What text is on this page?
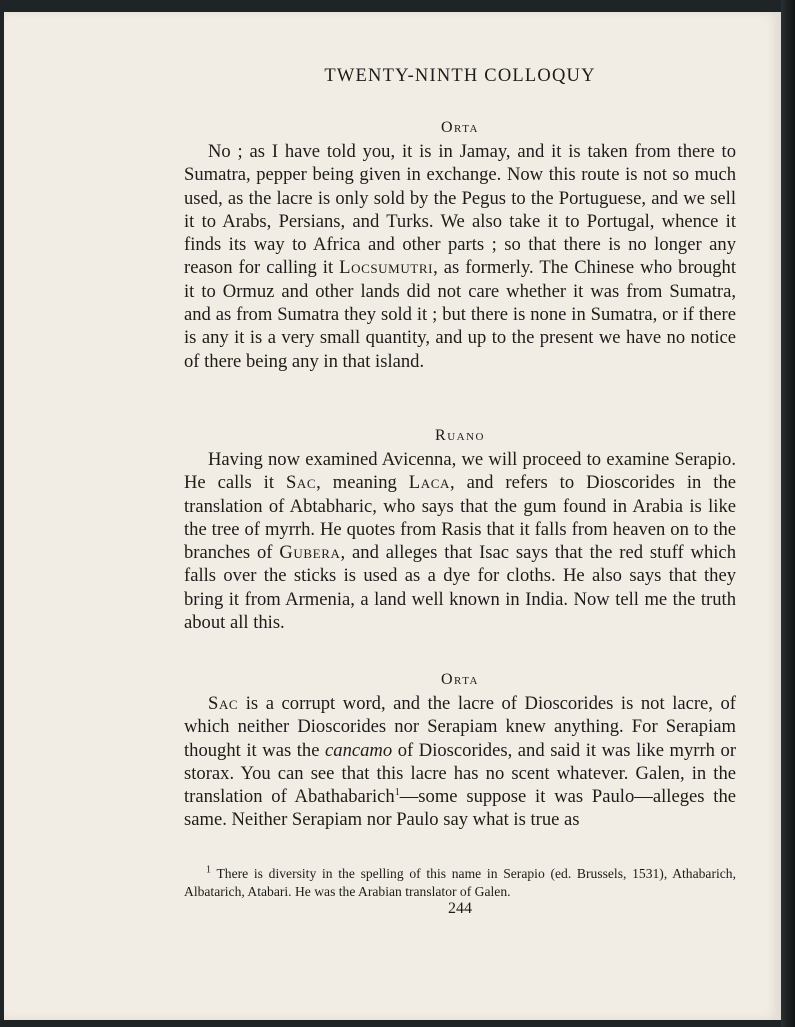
TWENTY-NINTH COLLOQUY

Orta

No ; as I have told you, it is in Jamay, and it is taken from there to Sumatra, pepper being given in exchange. Now this route is not so much used, as the lacre is only sold by the Pegus to the Portuguese, and we sell it to Arabs, Persians, and Turks. We also take it to Portugal, whence it finds its way to Africa and other parts ; so that there is no longer any reason for calling it Locsumutri, as formerly. The Chinese who brought it to Ormuz and other lands did not care whether it was from Sumatra, and as from Sumatra they sold it ; but there is none in Sumatra, or if there is any it is a very small quantity, and up to the present we have no notice of there being any in that island.

Ruano

Having now examined Avicenna, we will proceed to examine Serapio. He calls it Sac, meaning Laca, and refers to Dioscorides in the translation of Abtabharic, who says that the gum found in Arabia is like the tree of myrrh. He quotes from Rasis that it falls from heaven on to the branches of Gubera, and alleges that Isac says that the red stuff which falls over the sticks is used as a dye for cloths. He also says that they bring it from Armenia, a land well known in India. Now tell me the truth about all this.

Orta

Sac is a corrupt word, and the lacre of Dioscorides is not lacre, of which neither Dioscorides nor Serapiam knew anything. For Serapiam thought it was the cancamo of Dioscorides, and said it was like myrrh or storax. You can see that this lacre has no scent whatever. Galen, in the translation of Abathabarich$^1$—some suppose it was Paulo—alleges the same. Neither Serapiam nor Paulo say what is true as

$^1$ There is diversity in the spelling of this name in Serapio (ed. Brussels, 1531), Athabarich, Albatarich, Atabari. He was the Arabian translator of Galen.
244
